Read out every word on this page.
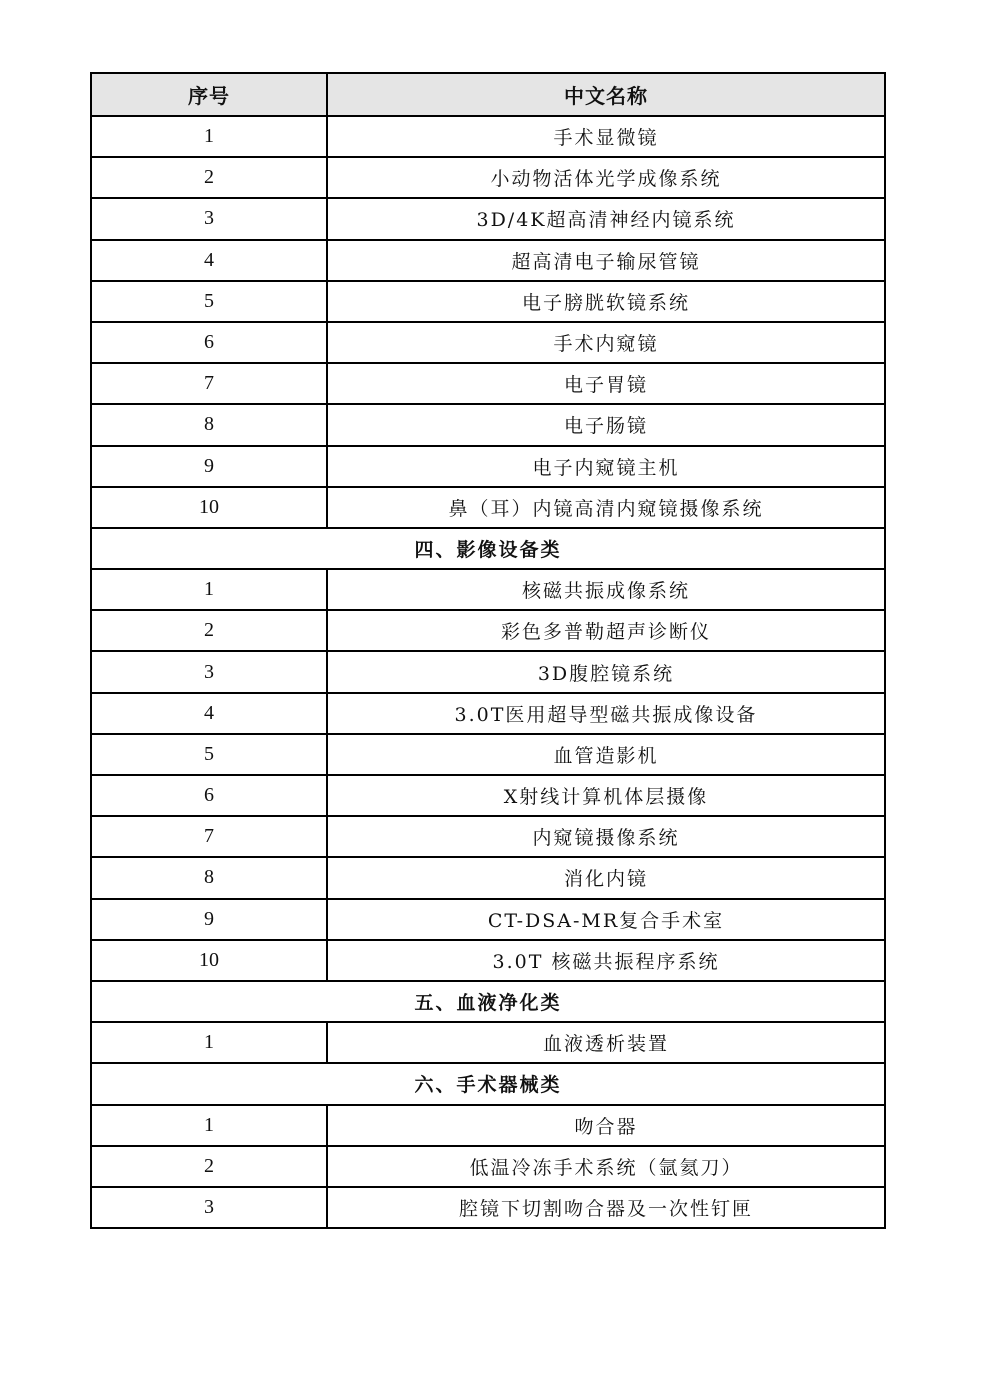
序号	中文名称
1	手术显微镜
2	小动物活体光学成像系统
3	3D/4K超高清神经内镜系统
4	超高清电子输尿管镜
5	电子膀胱软镜系统
6	手术内窥镜
7	电子胃镜
8	电子肠镜
9	电子内窥镜主机
10	鼻（耳）内镜高清内窥镜摄像系统
四、影像设备类	
1	核磁共振成像系统
2	彩色多普勒超声诊断仪
3	3D腹腔镜系统
4	3.0T医用超导型磁共振成像设备
5	血管造影机
6	X射线计算机体层摄像
7	内窥镜摄像系统
8	消化内镜
9	CT-DSA-MR复合手术室
10	3.0T 核磁共振程序系统
五、血液净化类	
1	血液透析装置
六、手术器械类	
1	吻合器
2	低温冷冻手术系统（氩氦刀）
3	腔镜下切割吻合器及一次性钉匣
